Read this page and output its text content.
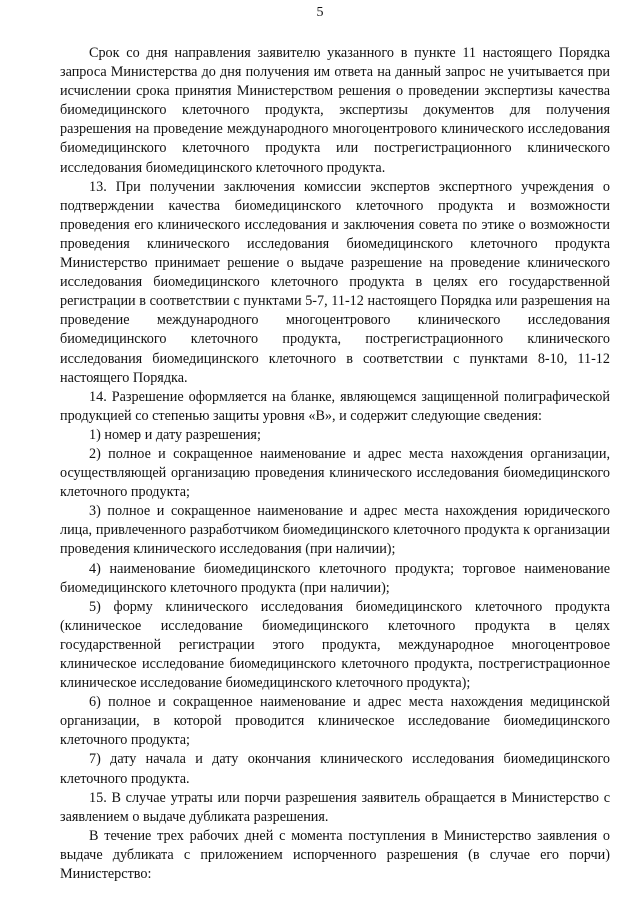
5

Срок со дня направления заявителю указанного в пункте 11 настоящего Порядка запроса Министерства до дня получения им ответа на данный запрос не учитывается при исчислении срока принятия Министерством решения о проведении экспертизы качества биомедицинского клеточного продукта, экспертизы документов для получения разрешения на проведение международного многоцентрового клинического исследования биомедицинского клеточного продукта или пострегистрационного клинического исследования биомедицинского клеточного продукта.

13. При получении заключения комиссии экспертов экспертного учреждения о подтверждении качества биомедицинского клеточного продукта и возможности проведения его клинического исследования и заключения совета по этике о возможности проведения клинического исследования биомедицинского клеточного продукта Министерство принимает решение о выдаче разрешение на проведение клинического исследования биомедицинского клеточного продукта в целях его государственной регистрации в соответствии с пунктами 5-7, 11-12 настоящего Порядка или разрешения на проведение международного многоцентрового клинического исследования биомедицинского клеточного продукта, пострегистрационного клинического исследования биомедицинского клеточного в соответствии с пунктами 8-10, 11-12 настоящего Порядка.

14. Разрешение оформляется на бланке, являющемся защищенной полиграфической продукцией со степенью защиты уровня «В», и содержит следующие сведения:

1) номер и дату разрешения;

2) полное и сокращенное наименование и адрес места нахождения организации, осуществляющей организацию проведения клинического исследования биомедицинского клеточного продукта;

3) полное и сокращенное наименование и адрес места нахождения юридического лица, привлеченного разработчиком биомедицинского клеточного продукта к организации проведения клинического исследования (при наличии);

4) наименование биомедицинского клеточного продукта; торговое наименование биомедицинского клеточного продукта (при наличии);

5) форму клинического исследования биомедицинского клеточного продукта (клиническое исследование биомедицинского клеточного продукта в целях государственной регистрации этого продукта, международное многоцентровое клиническое исследование биомедицинского клеточного продукта, пострегистрационное клиническое исследование биомедицинского клеточного продукта);

6) полное и сокращенное наименование и адрес места нахождения медицинской организации, в которой проводится клиническое исследование биомедицинского клеточного продукта;

7) дату начала и дату окончания клинического исследования биомедицинского клеточного продукта.

15. В случае утраты или порчи разрешения заявитель обращается в Министерство с заявлением о выдаче дубликата разрешения.

В течение трех рабочих дней с момента поступления в Министерство заявления о выдаче дубликата с приложением испорченного разрешения (в случае его порчи) Министерство:
